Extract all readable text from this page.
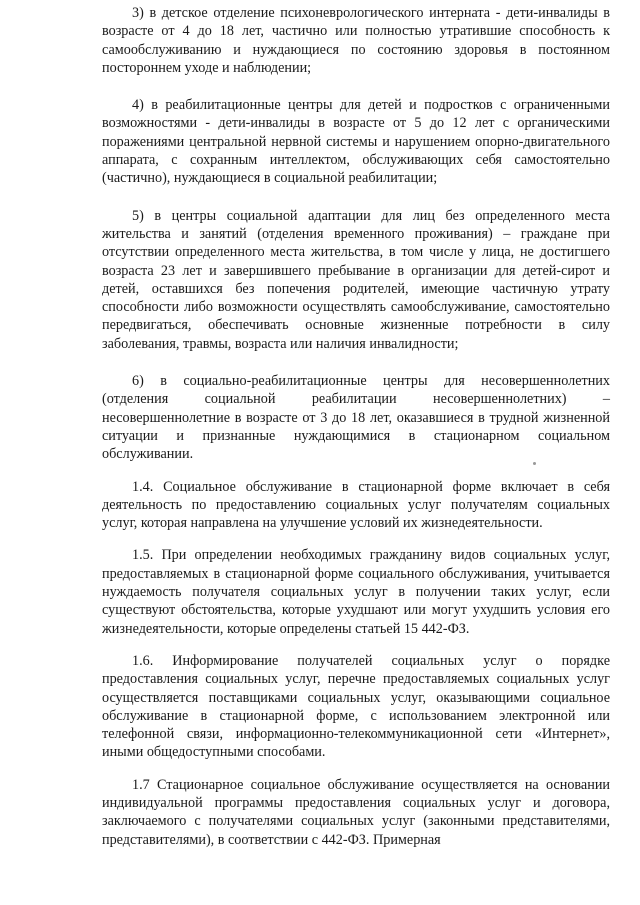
3) в детское отделение психоневрологического интерната - дети-инвалиды в возрасте от 4 до 18 лет, частично или полностью утратившие способность к самообслуживанию и нуждающиеся по состоянию здоровья в постоянном постороннем уходе и наблюдении;

4) в реабилитационные центры для детей и подростков с ограниченными возможностями - дети-инвалиды в возрасте от 5 до 12 лет с органическими поражениями центральной нервной системы и нарушением опорно-двигательного аппарата, с сохранным интеллектом, обслуживающих себя самостоятельно (частично), нуждающиеся в социальной реабилитации;

5) в центры социальной адаптации для лиц без определенного места жительства и занятий (отделения временного проживания) – граждане при отсутствии определенного места жительства, в том числе у лица, не достигшего возраста 23 лет и завершившего пребывание в организации для детей-сирот и детей, оставшихся без попечения родителей, имеющие частичную утрату способности либо возможности осуществлять самообслуживание, самостоятельно передвигаться, обеспечивать основные жизненные потребности в силу заболевания, травмы, возраста или наличия инвалидности;

6) в социально-реабилитационные центры для несовершеннолетних (отделения социальной реабилитации несовершеннолетних) – несовершеннолетние в возрасте от 3 до 18 лет, оказавшиеся в трудной жизненной ситуации и признанные нуждающимися в стационарном социальном обслуживании.

1.4. Социальное обслуживание в стационарной форме включает в себя деятельность по предоставлению социальных услуг получателям социальных услуг, которая направлена на улучшение условий их жизнедеятельности.

1.5. При определении необходимых гражданину видов социальных услуг, предоставляемых в стационарной форме социального обслуживания, учитывается нуждаемость получателя социальных услуг в получении таких услуг, если существуют обстоятельства, которые ухудшают или могут ухудшить условия его жизнедеятельности, которые определены статьей 15 442-ФЗ.

1.6. Информирование получателей социальных услуг о порядке предоставления социальных услуг, перечне предоставляемых социальных услуг осуществляется поставщиками социальных услуг, оказывающими социальное обслуживание в стационарной форме, с использованием электронной или телефонной связи, информационно-телекоммуникационной сети «Интернет», иными общедоступными способами.

1.7 Стационарное социальное обслуживание осуществляется на основании индивидуальной программы предоставления социальных услуг и договора, заключаемого с получателями социальных услуг (законными представителями, представителями), в соответствии с 442-ФЗ. Примерная
